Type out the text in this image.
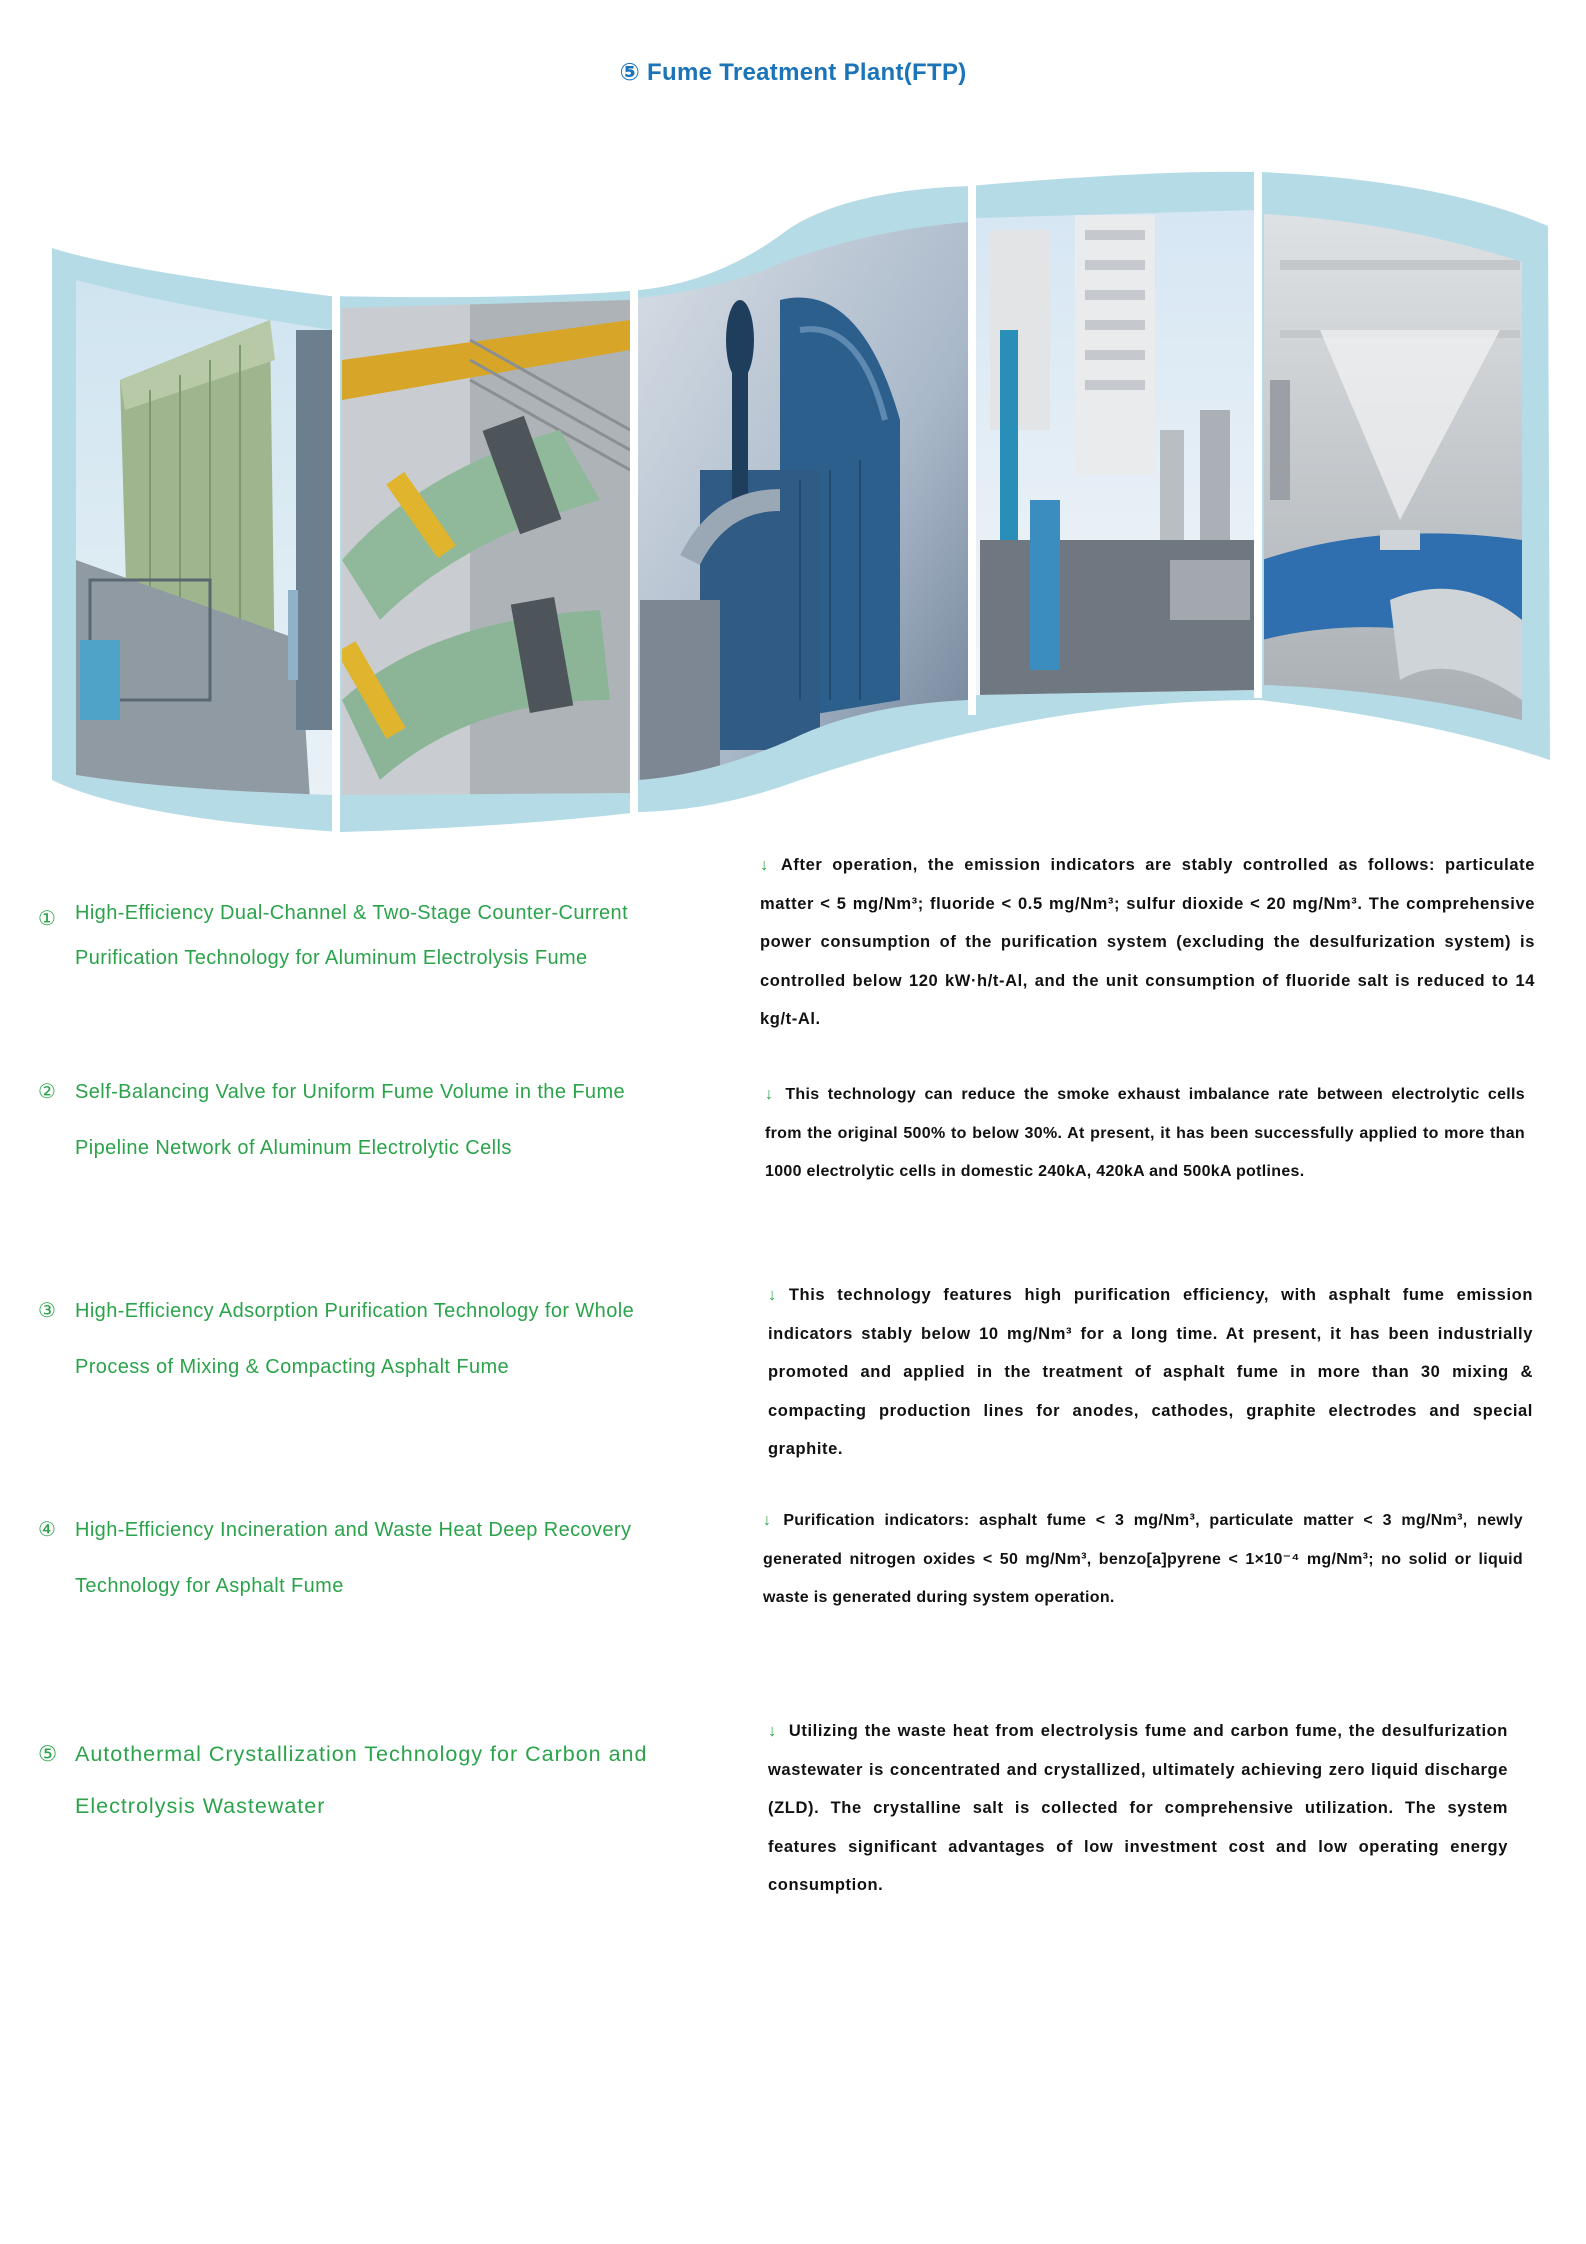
⑤ Fume Treatment Plant(FTP)
① High-Efficiency Dual-Channel & Two-Stage Counter-Current Purification Technology for Aluminum Electrolysis Fume
↓ After operation, the emission indicators are stably controlled as follows: particulate matter < 5 mg/Nm³; fluoride < 0.5 mg/Nm³; sulfur dioxide < 20 mg/Nm³. The comprehensive power consumption of the purification system (excluding the desulfurization system) is controlled below 120 kW·h/t-Al, and the unit consumption of fluoride salt is reduced to 14 kg/t-Al.
② Self-Balancing Valve for Uniform Fume Volume in the Fume Pipeline Network of Aluminum Electrolytic Cells
↓ This technology can reduce the smoke exhaust imbalance rate between electrolytic cells from the original 500% to below 30%. At present, it has been successfully applied to more than 1000 electrolytic cells in domestic 240kA, 420kA and 500kA potlines.
③ High-Efficiency Adsorption Purification Technology for Whole Process of Mixing & Compacting Asphalt Fume
↓ This technology features high purification efficiency, with asphalt fume emission indicators stably below 10 mg/Nm³ for a long time. At present, it has been industrially promoted and applied in the treatment of asphalt fume in more than 30 mixing & compacting production lines for anodes, cathodes, graphite electrodes and special graphite.
④ High-Efficiency Incineration and Waste Heat Deep Recovery Technology for Asphalt Fume
↓ Purification indicators: asphalt fume < 3 mg/Nm³, particulate matter < 3 mg/Nm³, newly generated nitrogen oxides < 50 mg/Nm³, benzo[a]pyrene < 1×10⁻⁴ mg/Nm³; no solid or liquid waste is generated during system operation.
⑤ Autothermal Crystallization Technology for Carbon and Electrolysis Wastewater
↓ Utilizing the waste heat from electrolysis fume and carbon fume, the desulfurization wastewater is concentrated and crystallized, ultimately achieving zero liquid discharge (ZLD). The crystalline salt is collected for comprehensive utilization. The system features significant advantages of low investment cost and low operating energy consumption.
